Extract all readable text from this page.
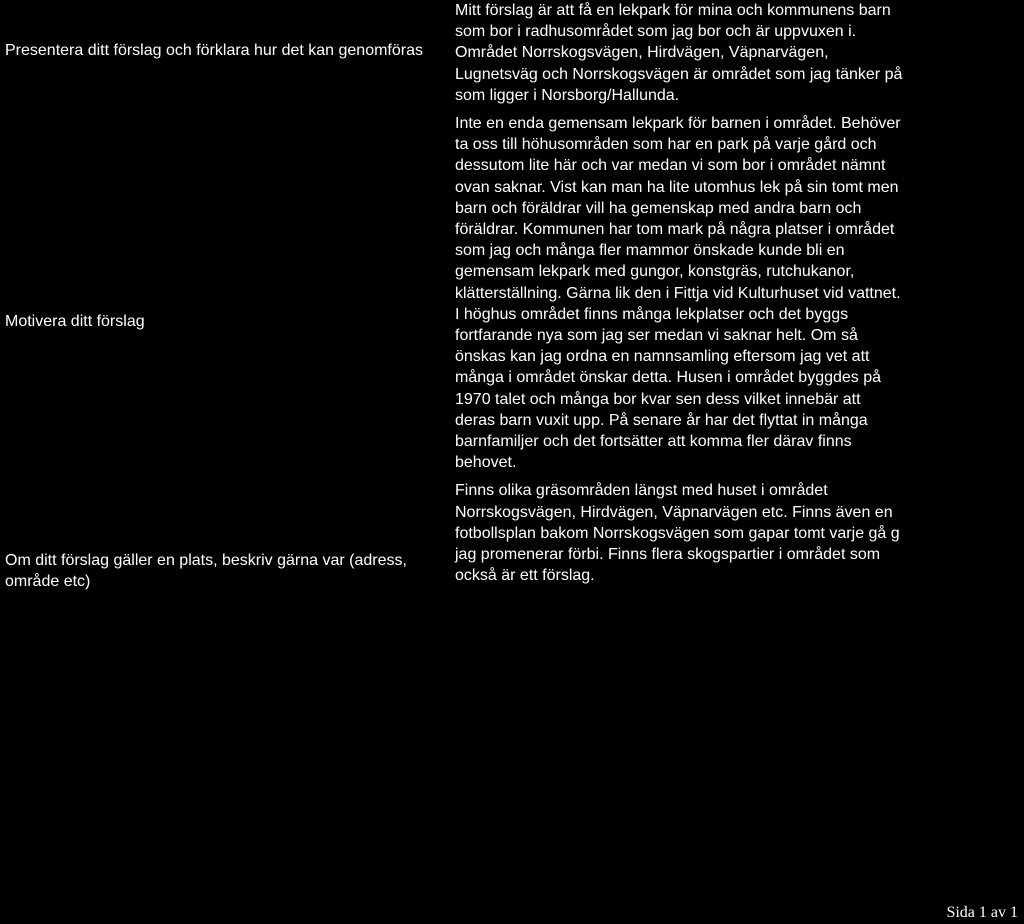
Presentera ditt förslag och förklara hur det kan genomföras

Motivera ditt förslag

Om ditt förslag gäller en plats, beskriv gärna var (adress, område etc)

Mitt förslag är att få en lekpark för mina och kommunens barn som bor i radhusområdet som jag bor och är uppvuxen i. Området Norrskogsvägen, Hirdvägen, Väpnarvägen, Lugnetsväg och Norrskogsvägen är området som jag tänker på som ligger i Norsborg/Hallunda.

Inte en enda gemensam lekpark för barnen i området. Behöver ta oss till höhusområden som har en park på varje gård och dessutom lite här och var medan vi som bor i området nämnt ovan saknar. Vist kan man ha lite utomhus lek på sin tomt men barn och föräldrar vill ha gemenskap med andra barn och föräldrar. Kommunen har tom mark på några platser i området som jag och många fler mammor önskade kunde bli en gemensam lekpark med gungor, konstgräs, rutchukanor, klätterställning. Gärna lik den i Fittja vid Kulturhuset vid vattnet. I höghus området finns många lekplatser och det byggs fortfarande nya som jag ser medan vi saknar helt. Om så önskas kan jag ordna en namnsamling eftersom jag vet att många i området önskar detta. Husen i området byggdes på 1970 talet och många bor kvar sen dess vilket innebär att deras barn vuxit upp. På senare år har det flyttat in många barnfamiljer och det fortsätter att komma fler därav finns behovet.

Finns olika gräsområden längst med huset i området Norrskogsvägen, Hirdvägen, Väpnarvägen etc. Finns även en fotbollsplan bakom Norrskogsvägen som gapar tomt varje gå g jag promenerar förbi. Finns flera skogspartier i området som också är ett förslag.

Sida 1 av 1
